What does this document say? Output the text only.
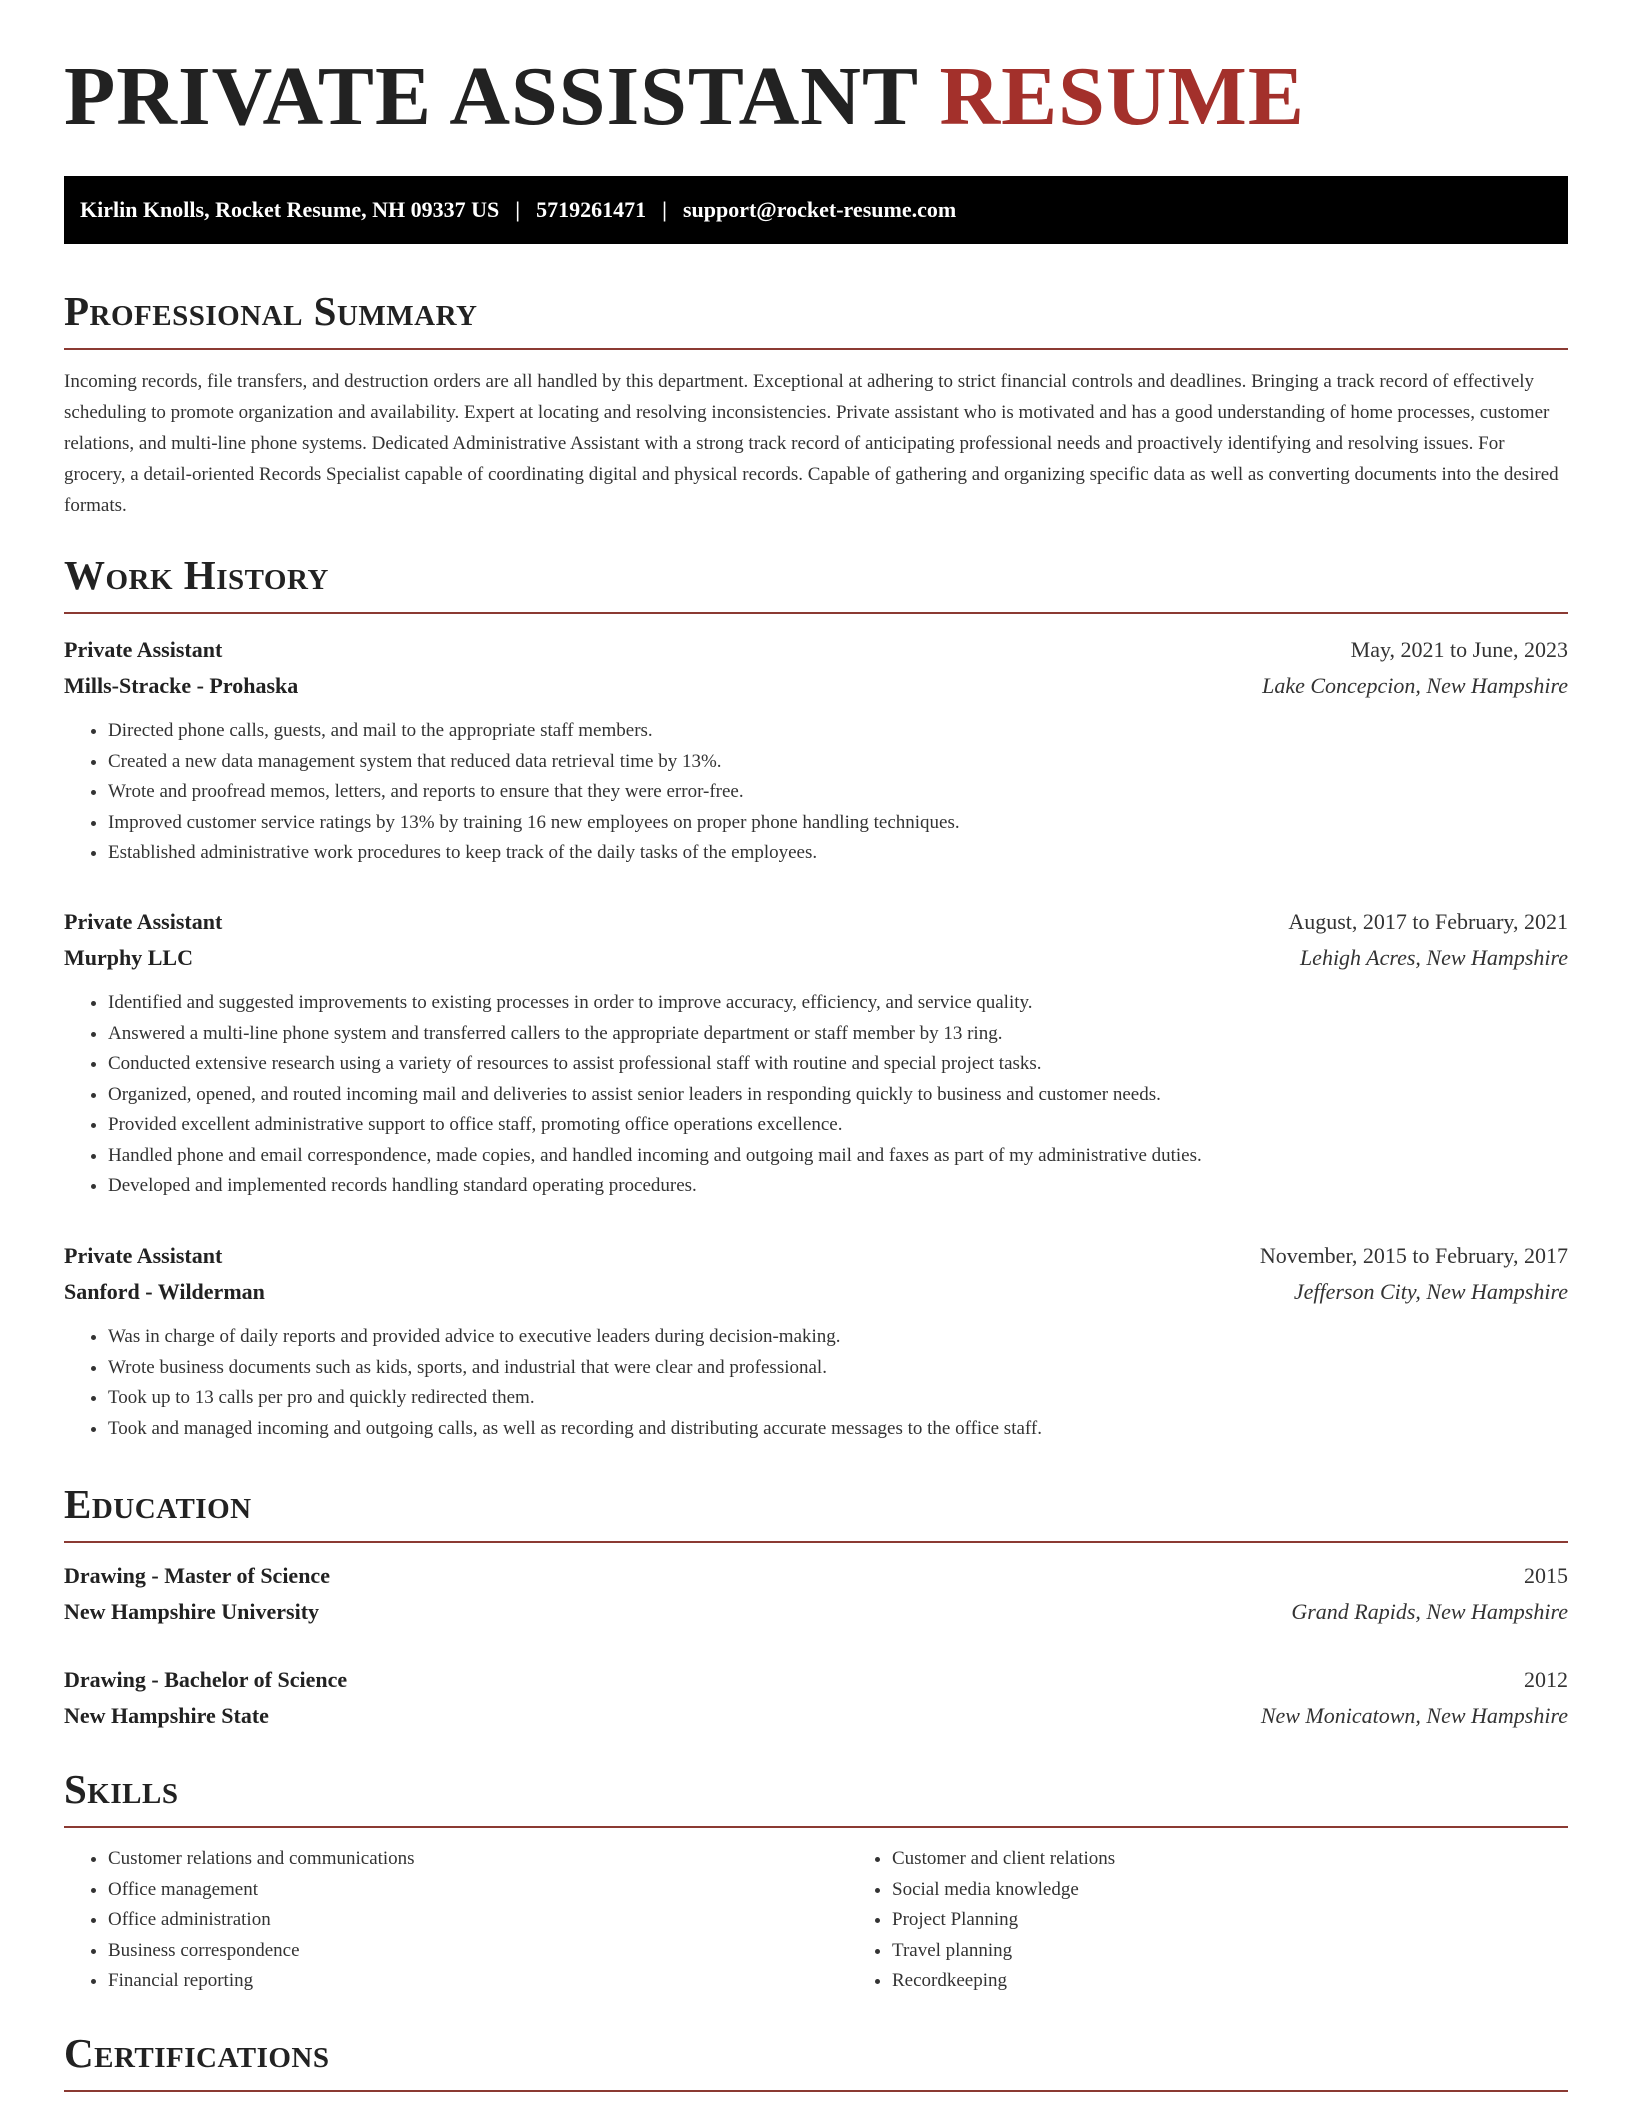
PRIVATE ASSISTANT RESUME
Kirlin Knolls, Rocket Resume, NH 09337 US | 5719261471 | support@rocket-resume.com
Professional Summary

Incoming records, file transfers, and destruction orders are all handled by this department. Exceptional at adhering to strict financial controls and deadlines. Bringing a track record of effectively scheduling to promote organization and availability. Expert at locating and resolving inconsistencies. Private assistant who is motivated and has a good understanding of home processes, customer relations, and multi-line phone systems. Dedicated Administrative Assistant with a strong track record of anticipating professional needs and proactively identifying and resolving issues. For grocery, a detail-oriented Records Specialist capable of coordinating digital and physical records. Capable of gathering and organizing specific data as well as converting documents into the desired formats.

Work History
Private Assistant	May, 2021 to June, 2023
Mills-Stracke - Prohaska	Lake Concepcion, New Hampshire
• Directed phone calls, guests, and mail to the appropriate staff members.
• Created a new data management system that reduced data retrieval time by 13%.
• Wrote and proofread memos, letters, and reports to ensure that they were error-free.
• Improved customer service ratings by 13% by training 16 new employees on proper phone handling techniques.
• Established administrative work procedures to keep track of the daily tasks of the employees.
Private Assistant	August, 2017 to February, 2021
Murphy LLC	Lehigh Acres, New Hampshire
• Identified and suggested improvements to existing processes in order to improve accuracy, efficiency, and service quality.
• Answered a multi-line phone system and transferred callers to the appropriate department or staff member by 13 ring.
• Conducted extensive research using a variety of resources to assist professional staff with routine and special project tasks.
• Organized, opened, and routed incoming mail and deliveries to assist senior leaders in responding quickly to business and customer needs.
• Provided excellent administrative support to office staff, promoting office operations excellence.
• Handled phone and email correspondence, made copies, and handled incoming and outgoing mail and faxes as part of my administrative duties.
• Developed and implemented records handling standard operating procedures.
Private Assistant	November, 2015 to February, 2017
Sanford - Wilderman	Jefferson City, New Hampshire
• Was in charge of daily reports and provided advice to executive leaders during decision-making.
• Wrote business documents such as kids, sports, and industrial that were clear and professional.
• Took up to 13 calls per pro and quickly redirected them.
• Took and managed incoming and outgoing calls, as well as recording and distributing accurate messages to the office staff.
Education
Drawing - Master of Science	2015
New Hampshire University	Grand Rapids, New Hampshire
Drawing - Bachelor of Science	2012
New Hampshire State	New Monicatown, New Hampshire
Skills
• Customer relations and communications
• Office management
• Office administration
• Business correspondence
• Financial reporting
• Customer and client relations
• Social media knowledge
• Project Planning
• Travel planning
• Recordkeeping
Certifications
